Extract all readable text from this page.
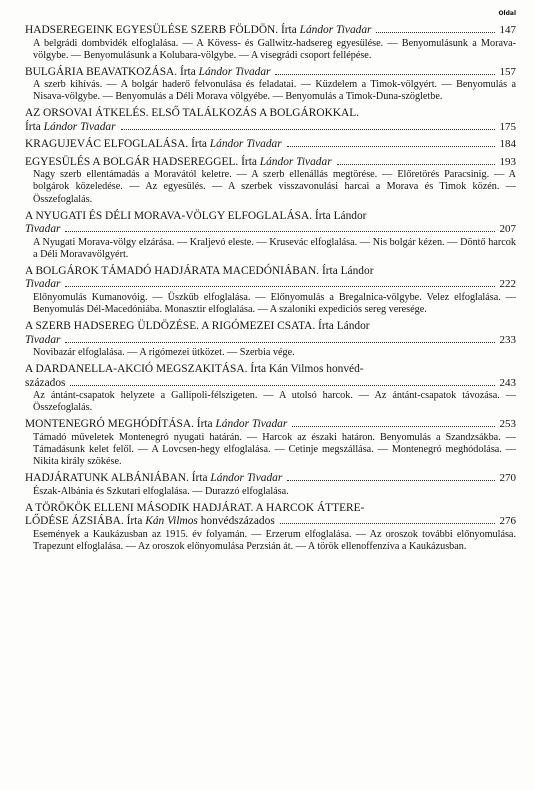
Oldal
HADSEREGEINK EGYESÜLÉSE SZERB FÖLDÖN. Írta Lándor Tivadar	147
A belgrádi dombvidék elfoglalása. — A Kövess- és Gallwitz-hadsereg egyesülése. — Benyomulásunk a Morava-völgybe. — Benyomulásunk a Kolubara-völgybe. — A visegrádi csoport fellépése.
BULGÁRIA BEAVATKOZÁSA. Írta Lándor Tivadar	157
A szerb kihívás. — A bolgár haderő felvonulása és feladatai. — Küzdelem a Timok-völgyért. — Benyomulás a Nisava-völgybe. — Benyomulás a Déli Morava völgyébe. — Benyomulás a Timok-Duna-szögletbe.
AZ ORSOVAI ÁTKELÉS. ELSŐ TALÁLKOZÁS A BOLGÁROKKAL.
Írta Lándor Tivadar	175
KRAGUJEVÁC ELFOGLALÁSA. Írta Lándor Tivadar	184
EGYESÜLÉS A BOLGÁR HADSEREGGEL. Írta Lándor Tivadar	193
Nagy szerb ellentámadás a Moravától keletre. — A szerb ellenállás megtörése. — Előretörés Paracsinig. — A bolgárok közeledése. — Az egyesülés. — A szerbek visszavonulási harcai a Morava és Timok közén. — Összefoglalás.
A NYUGATI ÉS DÉLI MORAVA-VÖLGY ELFOGLALÁSA. Írta Lándor
Tivadar	207
A Nyugati Morava-völgy elzárása. — Kraljevó eleste. — Krusevác elfoglalása. — Nis bolgár kézen. — Döntő harcok a Déli Moravavölgyért.
A BOLGÁROK TÁMADÓ HADJÁRATA MACEDÓNIÁBAN. Írta Lándor
Tivadar	222
Előnyomulás Kumanovóig. — Üszküb elfoglalása. — Előnyomulás a Bregalnica-völgybe. Velez elfoglalása. — Benyomulás Dél-Macedóniába. Monasztir elfoglalása. — A szaloniki expediciós sereg veresége.
A SZERB HADSEREG ÜLDÖZÉSE. A RIGÓMEZEI CSATA. Írta Lándor
Tivadar	233
Novibazár elfoglalása. — A rigómezei ütközet. — Szerbia vége.
A DARDANELLA-AKCIÓ MEGSZAKITÁSA. Írta Kán Vilmos honvéd-
százados	243
Az ántánt-csapatok helyzete a Gallipoli-félszigeten. — A utolsó harcok. — Az ántánt-csapatok távozása. — Összefoglalás.
MONTENEGRÓ MEGHÓDÍTÁSA. Írta Lándor Tivadar	253
Támadó műveletek Montenegró nyugati határán. — Harcok az északi határon. Benyomulás a Szandzsákba. — Támadásunk kelet felől. — A Lovcsen-hegy elfoglalása. — Cetinje megszállása. — Montenegró meghódolása. — Nikita király szökése.
HADJÁRATUNK ALBÁNIÁBAN. Írta Lándor Tivadar	270
Észak-Albánia és Szkutari elfoglalása. — Durazzó elfoglalása.
A TÖRÖKÖK ELLENI MÁSODIK HADJÁRAT. A HARCOK ÁTTERE-
LŐDÉSE ÁZSIÁBA. Írta Kán Vilmos honvédszázados	276
Események a Kaukázusban az 1915. év folyamán. — Erzerum elfoglalása. — Az oroszok további előnyomulása. Trapezunt elfoglalása. — Az oroszok előnyomulása Perzsián át. — A török ellenoffenzíva a Kaukázusban.
